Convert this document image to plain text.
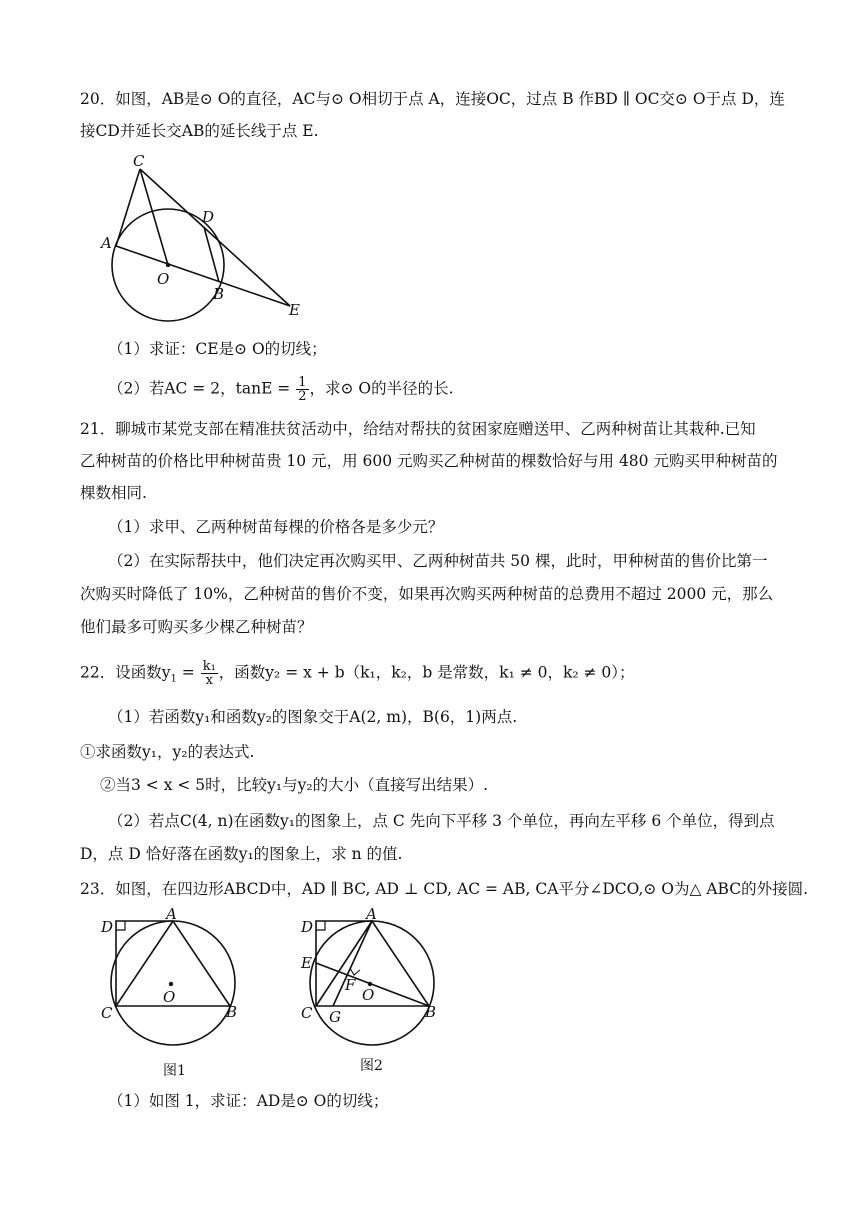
20．如图，AB是⊙ O的直径，AC与⊙ O相切于点 A，连接OC，过点 B 作BD ∥ OC交⊙ O于点 D，连
接CD并延长交AB的延长线于点 E.
C
D
A
O
B
E
（1）求证：CE是⊙ O的切线；
（2）若AC = 2，$\tan E = \frac{1}{2}$ ，求⊙ O的半径的长.
21．聊城市某党支部在精准扶贫活动中，给结对帮扶的贫困家庭赠送甲、乙两种树苗让其栽种.已知
乙种树苗的价格比甲种树苗贵 10 元，用 600 元购买乙种树苗的棵数恰好与用 480 元购买甲种树苗的
棵数相同.
（1）求甲、乙两种树苗每棵的价格各是多少元？
（2）在实际帮扶中，他们决定再次购买甲、乙两种树苗共 50 棵，此时，甲种树苗的售价比第一
次购买时降低了 10%，乙种树苗的售价不变，如果再次购买两种树苗的总费用不超过 2000 元，那么
他们最多可购买多少棵乙种树苗？
22．设函数$y_1 = \frac{\text{k₁}}{x}$ ，函数y₂ = x + b（k₁，k₂，b 是常数，k₁ ≠ 0，k₂ ≠ 0）；
（1）若函数y₁和函数y₂的图象交于A(2, m)，B(6，1)两点.
①求函数y₁，y₂的表达式.
②当3 < x < 5时，比较y₁与y₂的大小（直接写出结果）.
（2）若点C(4, n)在函数y₁的图象上，点 C 先向下平移 3 个单位，再向左平移 6 个单位，得到点
D，点 D 恰好落在函数y₁的图象上，求 n 的值.
23．如图，在四边形ABCD中，AD ∥ BC, AD ⊥ CD, AC = AB, CA平分∠DCO,⊙ O为△ ABC的外接圆.
D
A
O
C	B
图1
D
A
E
F
O
C G	B
图2
（1）如图 1，求证：AD是⊙ O的切线；
